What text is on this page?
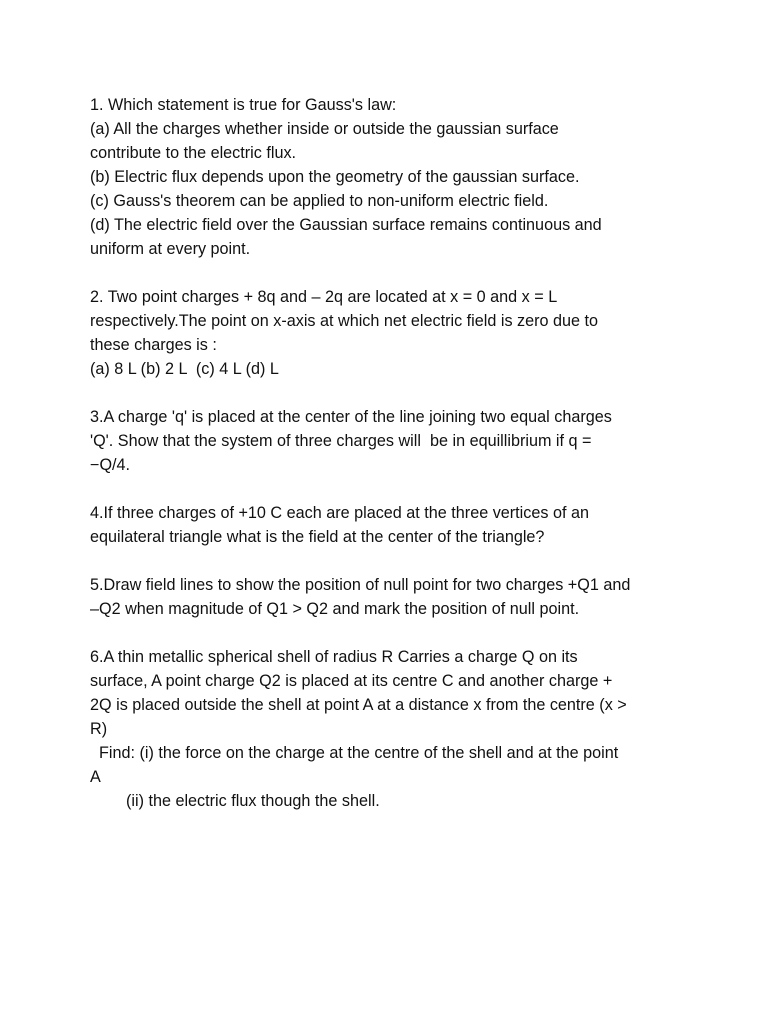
1. Which statement is true for Gauss's law:
(a) All the charges whether inside or outside the gaussian surface
contribute to the electric flux.
(b) Electric flux depends upon the geometry of the gaussian surface.
(c) Gauss's theorem can be applied to non-uniform electric field.
(d) The electric field over the Gaussian surface remains continuous and
uniform at every point.
2. Two point charges + 8q and – 2q are located at x = 0 and x = L
respectively.The point on x-axis at which net electric field is zero due to
these charges is :
(a) 8 L (b) 2 L  (c) 4 L (d) L
3.A charge 'q' is placed at the center of the line joining two equal charges
'Q'. Show that the system of three charges will  be in equillibrium if q =
−Q/4.
4.If three charges of +10 C each are placed at the three vertices of an
equilateral triangle what is the field at the center of the triangle?
5.Draw field lines to show the position of null point for two charges +Q1 and
–Q2 when magnitude of Q1 > Q2 and mark the position of null point.
6.A thin metallic spherical shell of radius R Carries a charge Q on its
surface, A point charge Q2 is placed at its centre C and another charge +
2Q is placed outside the shell at point A at a distance x from the centre (x >
R)
Find: (i) the force on the charge at the centre of the shell and at the point
A
(ii) the electric flux though the shell.
